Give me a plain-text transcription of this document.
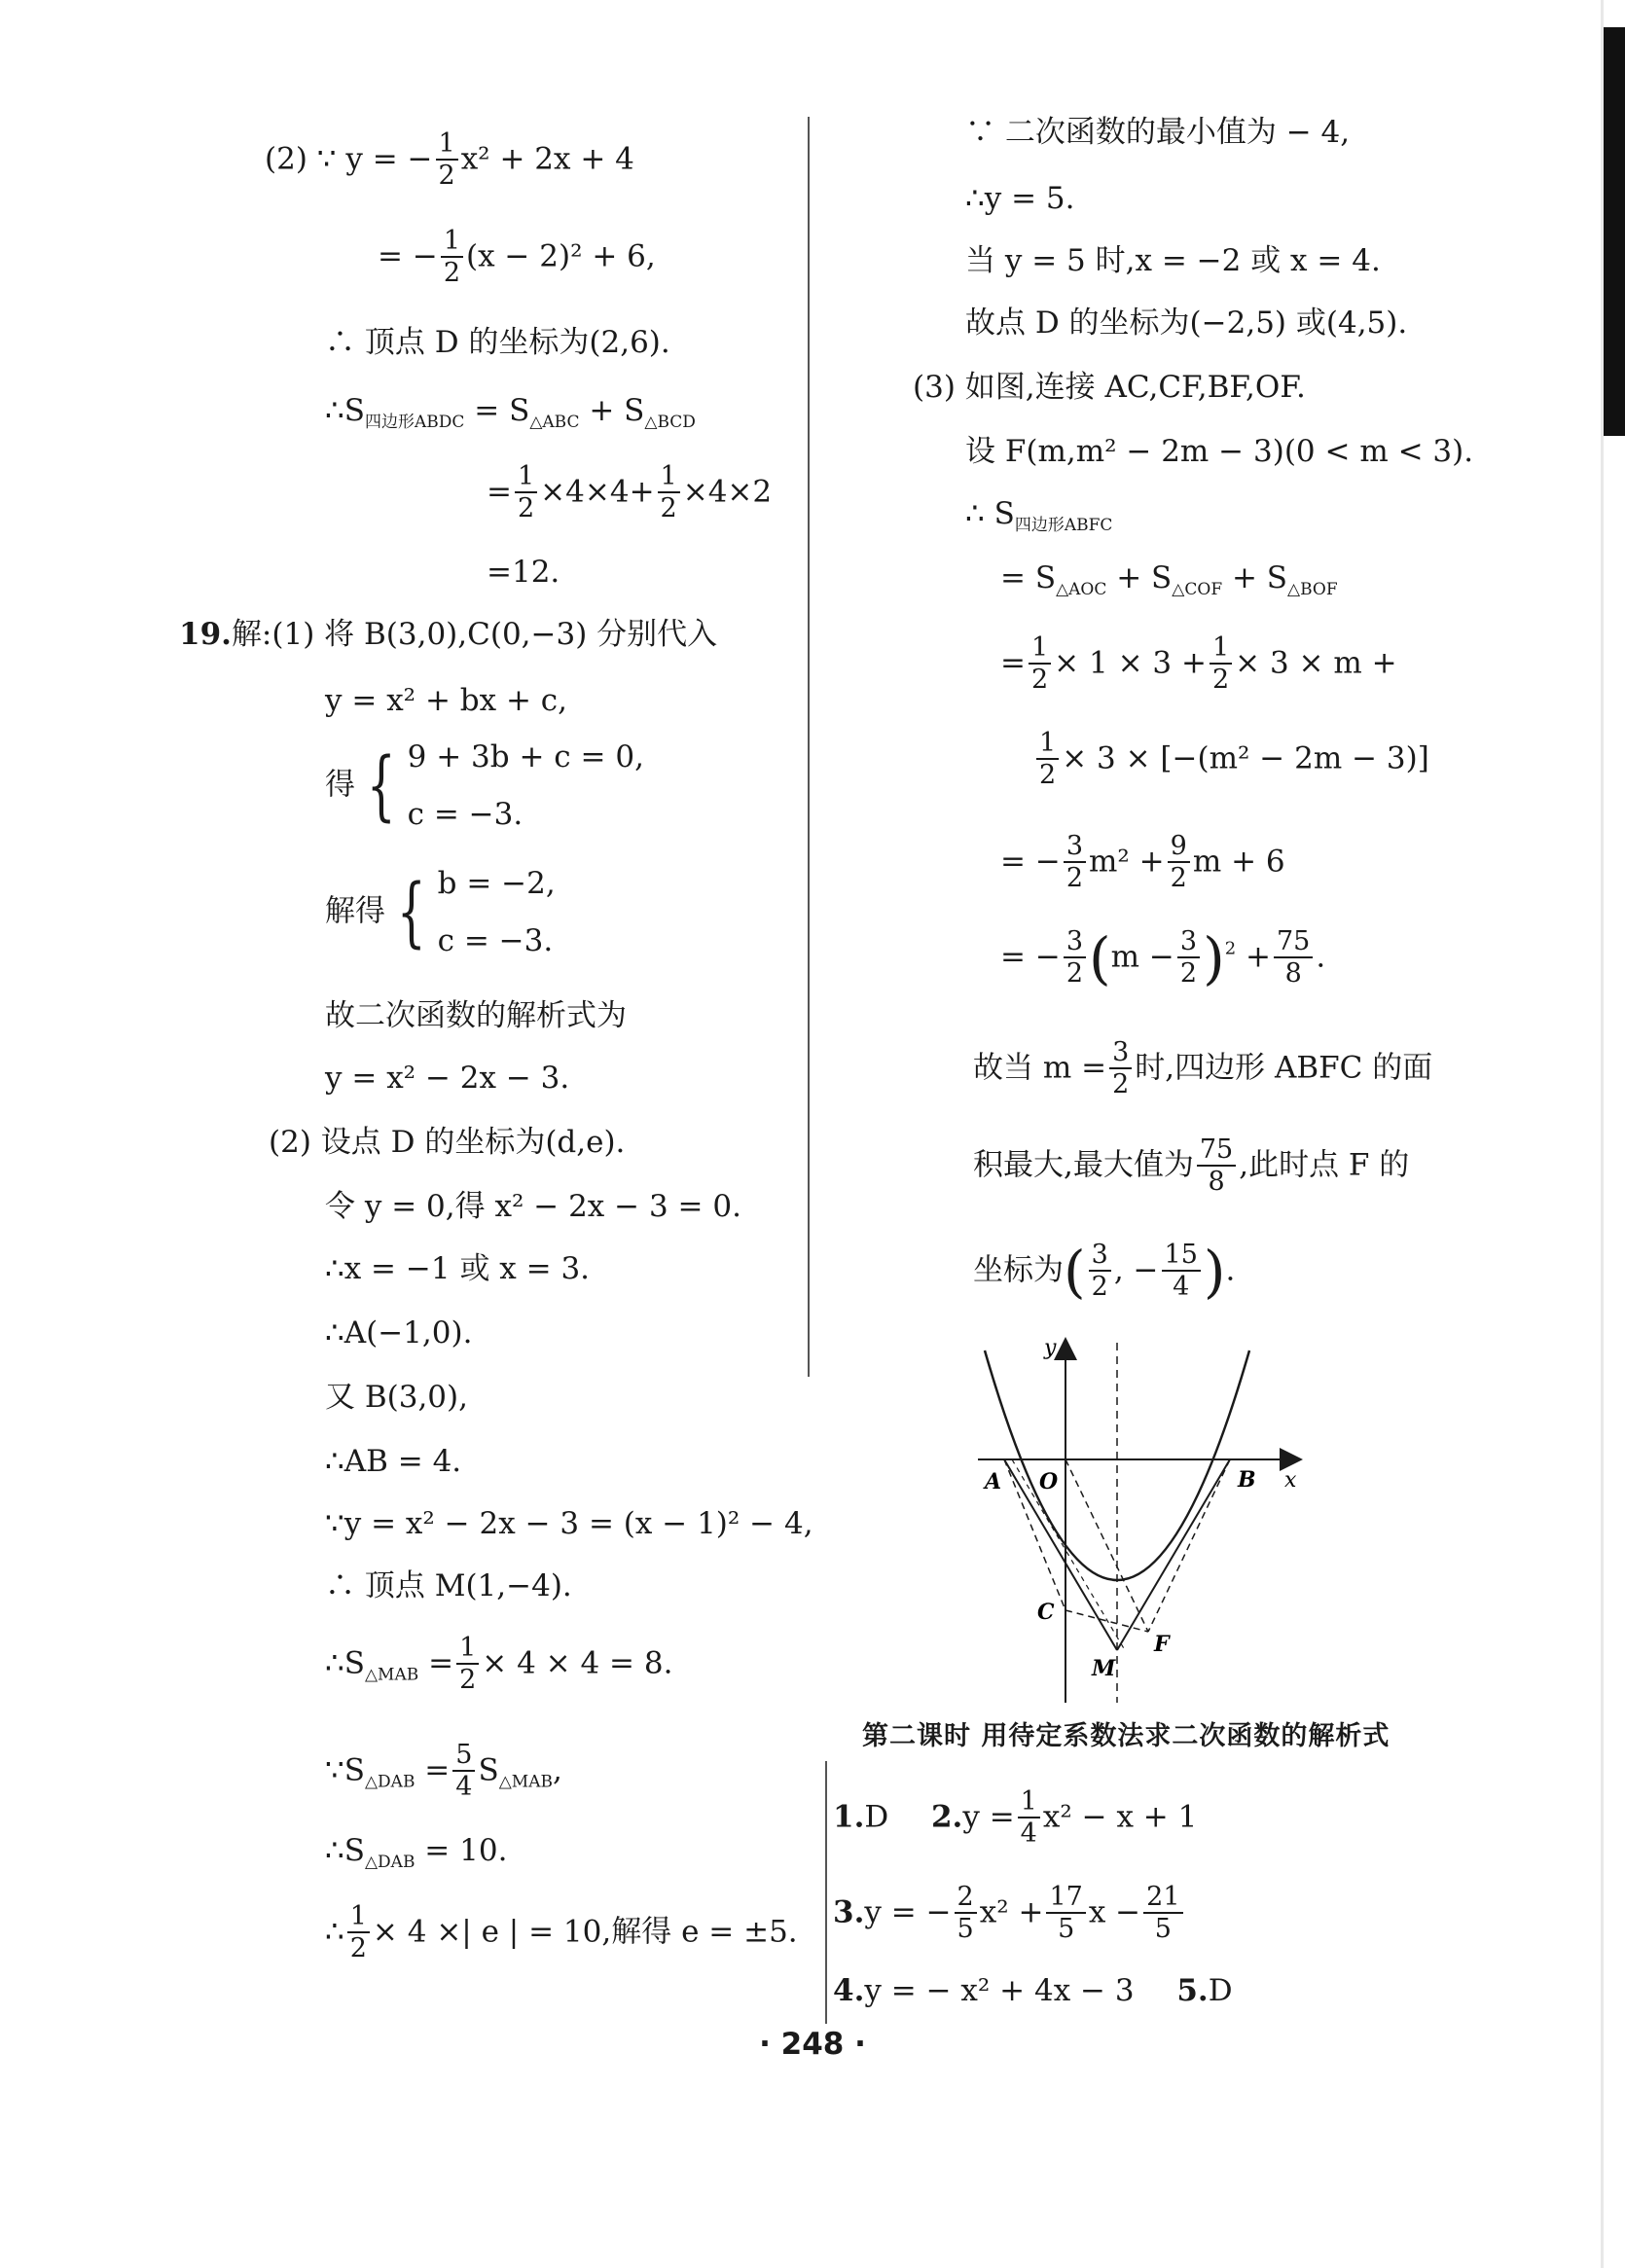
(2) ∵ y = − $\frac{1}{2} x^2 + 2x + 4$
= − $\frac{1}{2} (x - 2)^2 + 6$,
∴ 顶点 D 的坐标为(2,6).
$\therefore S_{四边形ABDC} = S_{\triangle ABC} + S_{\triangle BCD}$
= $\frac{1}{2} \times 4\times 4+ \frac{1}{2} \times 4\times 2$
=12.
19.解:(1) 将 B(3,0),C(0,−3) 分别代入
y = x² + bx + c,
得 { 9 + 3b + c = 0,
c = −3.
解得 { b = −2,
c = −3.
故二次函数的解析式为
y = x² − 2x − 3.
(2) 设点 D 的坐标为(d,e).
令 y = 0,得 x² − 2x − 3 = 0.
∴x = −1 或 x = 3.
∴A(−1,0).
又 B(3,0),
∴AB = 4.
∵y = x² − 2x − 3 = (x − 1)² − 4,
∴ 顶点 M(1,−4).
$\therefore S_{\triangle MAB} = \frac{1}{2} \times 4 \times 4 = 8$.
$\because S_{\triangle DAB} = \frac{5}{4} S_{\triangle MAB}$,
$\therefore S_{\triangle DAB} = 10$.
∴ $\frac{1}{2} \times 4$ ×| e | = 10,解得 e = ±5.
∵ 二次函数的最小值为 − 4,
∴y = 5.
当 y = 5 时,x = −2 或 x = 4.
故点 D 的坐标为(−2,5) 或(4,5).
(3) 如图,连接 AC,CF,BF,OF.
设 F(m,m² − 2m − 3)(0 < m < 3).
∴ $S_{四边形ABFC}$
= $S_{\triangle AOC} + S_{\triangle COF} + S_{\triangle BOF}$
= $\frac{1}{2} \times 1 \times 3 + \frac{1}{2} \times 3 \times m$ +
$\frac{1}{2} \times 3 \times [-(m^2 - 2m - 3)]$
= − $\frac{3}{2} m^2 + \frac{9}{2}$ m + 6
= − $\frac{3}{2} (m - \frac{3}{2} )^2 + \frac{75}{8}$ .
故当 $m = \frac{3}{2}$ 时,四边形 ABFC 的面
积最大,最大值为 $\frac{75}{8}$ ,此时点 F 的
坐标为( $\frac{3}{2}$ , − $\frac{15}{4}$ ).
y
x
A O	B
C
F
M
第二课时 用待定系数法求二次函数的解析式
1.D $2.y = \frac{1}{4} x^2 - x + 1$
3.y = − $\frac{2}{5} x^2 + \frac{17}{5}$ $x - \frac{21}{5}$
4.y = − x² + 4x − 3 5.D
· 248 ·
